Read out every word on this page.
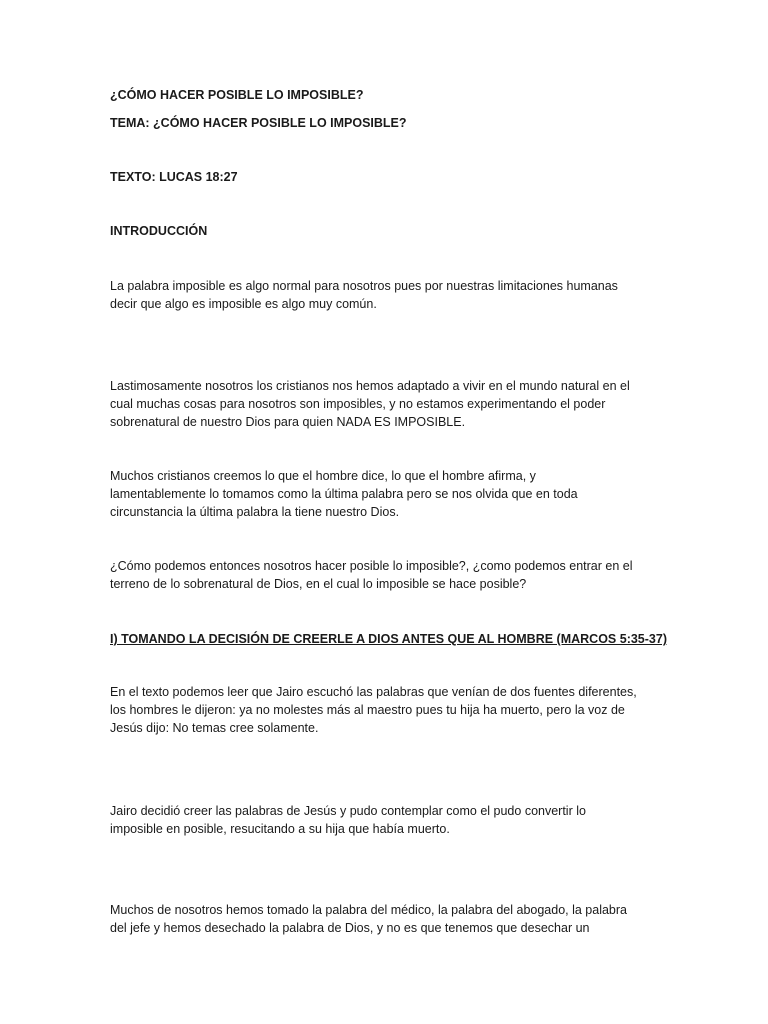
¿CÓMO HACER POSIBLE LO IMPOSIBLE?

TEMA: ¿CÓMO HACER POSIBLE LO IMPOSIBLE?

TEXTO: LUCAS 18:27

INTRODUCCIÓN

La palabra imposible es algo normal para nosotros pues por nuestras limitaciones humanas
decir que algo es imposible es algo muy común.

Lastimosamente nosotros los cristianos nos hemos adaptado a vivir en el mundo natural en el
cual muchas cosas para nosotros son imposibles, y no estamos experimentando el poder
sobrenatural de nuestro Dios para quien NADA ES IMPOSIBLE.

Muchos cristianos creemos lo que el hombre dice, lo que el hombre afirma, y
lamentablemente lo tomamos como la última palabra pero se nos olvida que en toda
circunstancia la última palabra la tiene nuestro Dios.

¿Cómo podemos entonces nosotros hacer posible lo imposible?, ¿como podemos entrar en el
terreno de lo sobrenatural de Dios, en el cual lo imposible se hace posible?

I) TOMANDO LA DECISIÓN DE CREERLE A DIOS ANTES QUE AL HOMBRE (MARCOS 5:35-37)

En el texto podemos leer que Jairo escuchó las palabras que venían de dos fuentes diferentes,
los hombres le dijeron: ya no molestes más al maestro pues tu hija ha muerto, pero la voz de
Jesús dijo: No temas cree solamente.

Jairo decidió creer las palabras de Jesús y pudo contemplar como el pudo convertir lo
imposible en posible, resucitando a su hija que había muerto.

Muchos de nosotros hemos tomado la palabra del médico, la palabra del abogado, la palabra
del jefe y hemos desechado la palabra de Dios, y no es que tenemos que desechar un
